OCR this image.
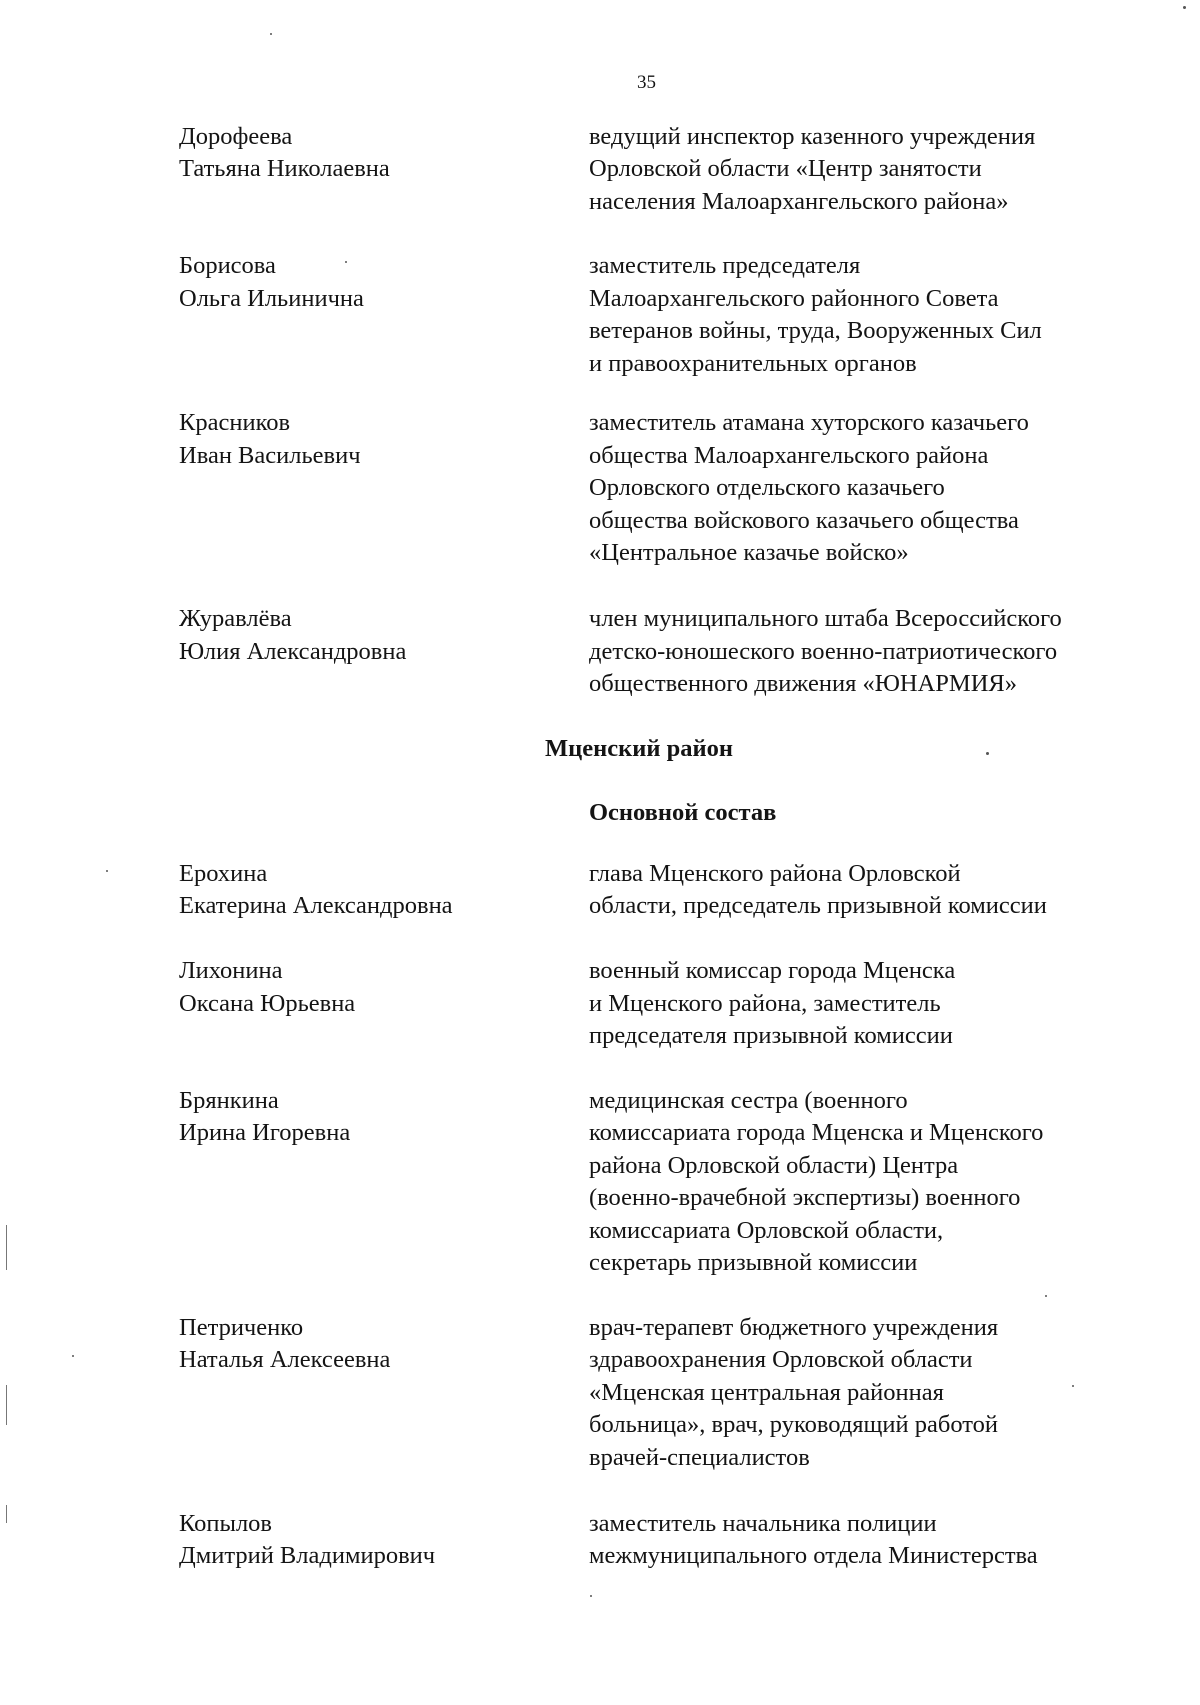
35
Дорофеева
Татьяна Николаевна
ведущий инспектор казенного учреждения
Орловской области «Центр занятости
населения Малоархангельского района»
Борисова
Ольга Ильинична
заместитель председателя
Малоархангельского районного Совета
ветеранов войны, труда, Вооруженных Сил
и правоохранительных органов
Красников
Иван Васильевич
заместитель атамана хуторского казачьего
общества Малоархангельского района
Орловского отдельского казачьего
общества войскового казачьего общества
«Центральное казачье войско»
Журавлёва
Юлия Александровна
член муниципального штаба Всероссийского
детско-юношеского военно-патриотического
общественного движения «ЮНАРМИЯ»
Мценский район
Основной состав
Ерохина
Екатерина Александровна
глава Мценского района Орловской
области, председатель призывной комиссии
Лихонина
Оксана Юрьевна
военный комиссар города Мценска
и Мценского района, заместитель
председателя призывной комиссии
Брянкина
Ирина Игоревна
медицинская сестра (военного
комиссариата города Мценска и Мценского
района Орловской области) Центра
(военно-врачебной экспертизы) военного
комиссариата Орловской области,
секретарь призывной комиссии
Петриченко
Наталья Алексеевна
врач-терапевт бюджетного учреждения
здравоохранения Орловской области
«Мценская центральная районная
больница», врач, руководящий работой
врачей-специалистов
Копылов
Дмитрий Владимирович
заместитель начальника полиции
межмуниципального отдела Министерства
